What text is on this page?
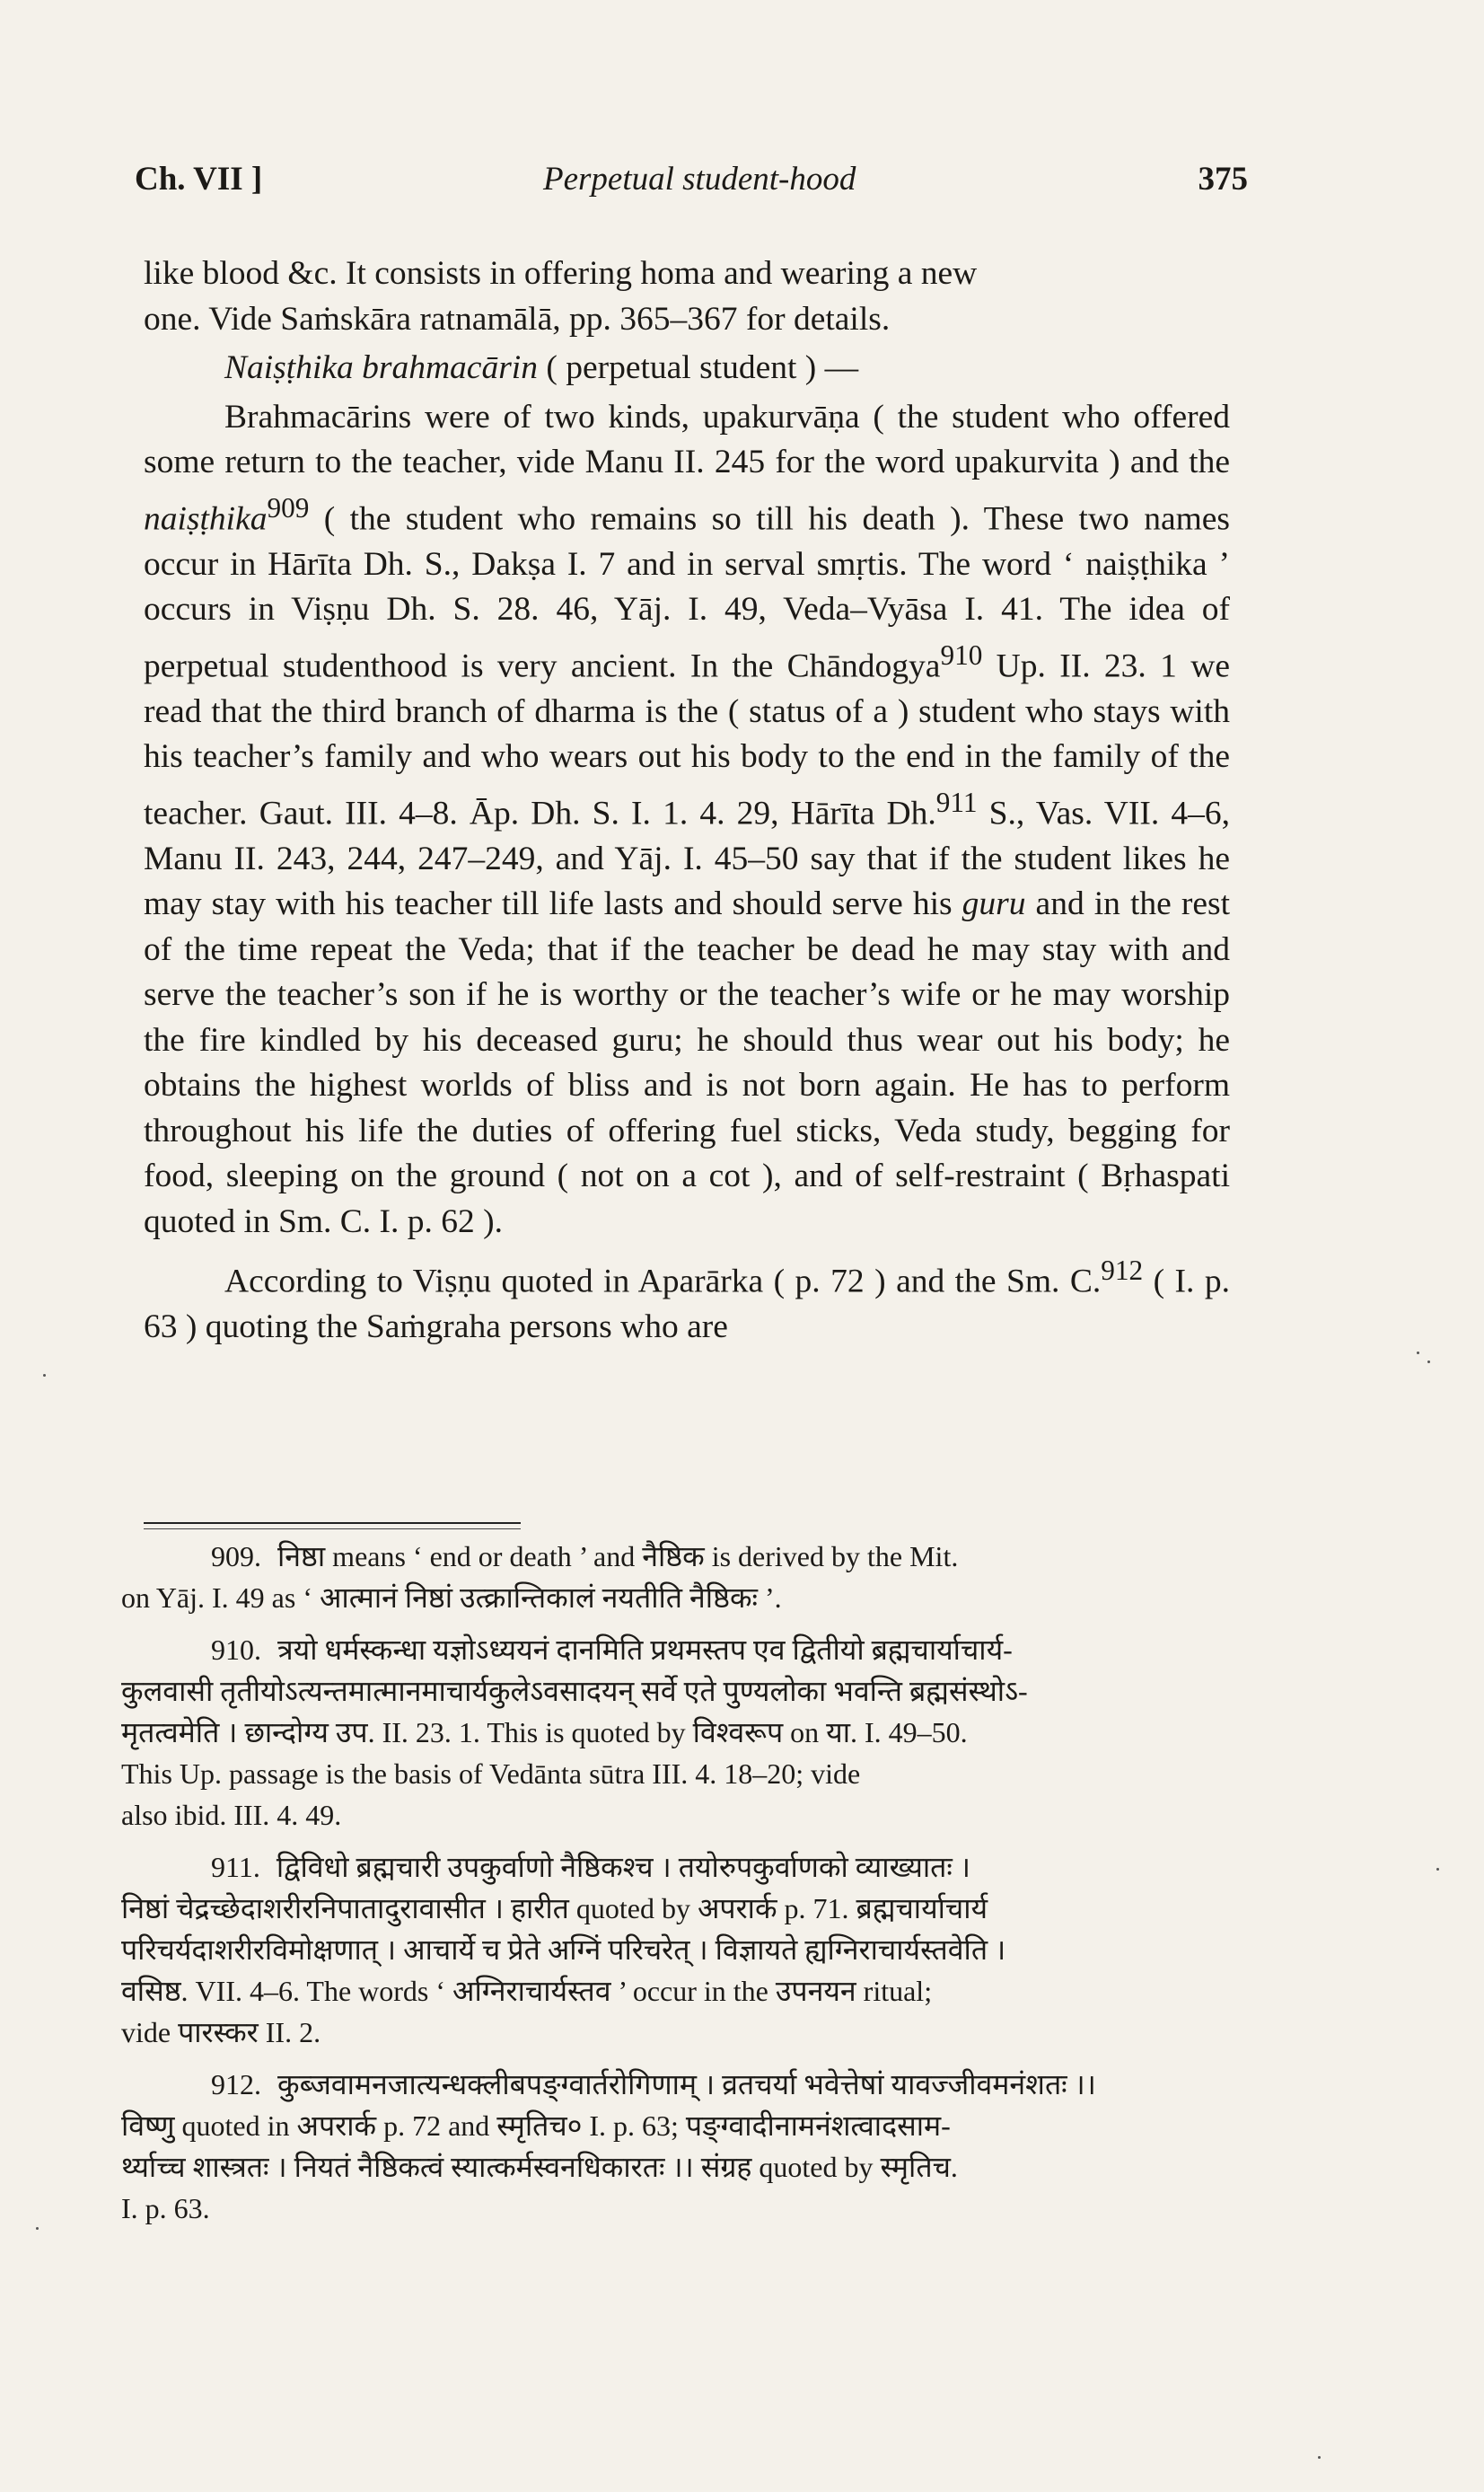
Ch. VII ]	Perpetual student-hood	375

like blood &c. It consists in offering homa and wearing a new
one. Vide Saṁskāra ratnamālā, pp. 365–367 for details.

Naiṣṭhika brahmacārin ( perpetual student ) —

Brahmacārins were of two kinds, upakurvāṇa ( the student who offered some return to the teacher, vide Manu II. 245 for the word upakurvita ) and the naiṣṭhika$^{909}$ ( the student who remains so till his death ). These two names occur in Hārīta Dh. S., Dakṣa I. 7 and in serval smṛtis. The word ‘ naiṣṭhika ’ occurs in Viṣṇu Dh. S. 28. 46, Yāj. I. 49, Veda–Vyāsa I. 41. The idea of perpetual studenthood is very ancient. In the Chāndogya$^{910}$ Up. II. 23. 1 we read that the third branch of dharma is the ( status of a ) student who stays with his teacher’s family and who wears out his body to the end in the family of the teacher. Gaut. III. 4–8. Āp. Dh. S. I. 1. 4. 29, Hārīta Dh.$^{911}$ S., Vas. VII. 4–6, Manu II. 243, 244, 247–249, and Yāj. I. 45–50 say that if the student likes he may stay with his teacher till life lasts and should serve his guru and in the rest of the time repeat the Veda; that if the teacher be dead he may stay with and serve the teacher’s son if he is worthy or the teacher’s wife or he may worship the fire kindled by his deceased guru; he should thus wear out his body; he obtains the highest worlds of bliss and is not born again. He has to perform throughout his life the duties of offering fuel sticks, Veda study, begging for food, sleeping on the ground ( not on a cot ), and of self-restraint ( Bṛhaspati quoted in Sm. C. I. p. 62 ).

According to Viṣṇu quoted in Aparārka ( p. 72 ) and the Sm. C.$^{912}$ ( I. p. 63 ) quoting the Saṁgraha persons who are

909. निष्ठा means ‘ end or death ’ and नैष्ठिक is derived by the Mit.
on Yāj. I. 49 as ‘ आत्मानं निष्ठां उत्क्रान्तिकालं नयतीति नैष्ठिकः ’.
910. त्रयो धर्मस्कन्धा यज्ञोऽध्ययनं दानमिति प्रथमस्तप एव द्वितीयो ब्रह्मचार्याचार्य-
कुलवासी तृतीयोऽत्यन्तमात्मानमाचार्यकुलेऽवसादयन् सर्वे एते पुण्यलोका भवन्ति ब्रह्मसंस्थोऽ-
मृतत्वमेति । छान्दोग्य उप. II. 23. 1. This is quoted by विश्वरूप on या. I. 49–50.
This Up. passage is the basis of Vedānta sūtra III. 4. 18–20; vide
also ibid. III. 4. 49.
911. द्विविधो ब्रह्मचारी उपकुर्वाणो नैष्ठिकश्च । तयोरुपकुर्वाणको व्याख्यातः ।
निष्ठां चेद्रच्छेदाशरीरनिपातादुरावासीत । हारीत quoted by अपरार्क p. 71. ब्रह्मचार्याचार्य
परिचर्यदाशरीरविमोक्षणात् । आचार्ये च प्रेते अग्निं परिचरेत् । विज्ञायते ह्यग्निराचार्यस्तवेति ।
वसिष्ठ. VII. 4–6. The words ‘ अग्निराचार्यस्तव ’ occur in the उपनयन ritual;
vide पारस्कर II. 2.
912. कुब्जवामनजात्यन्धक्लीबपङ्ग्वार्तरोगिणाम् । व्रतचर्या भवेत्तेषां यावज्जीवमनंशतः ।।
विष्णु quoted in अपरार्क p. 72 and स्मृतिच० I. p. 63; पङ्ग्वादीनामनंशत्वादसाम-
र्थ्याच्च शास्त्रतः । नियतं नैष्ठिकत्वं स्यात्कर्मस्वनधिकारतः ।। संग्रह quoted by स्मृतिच.
I. p. 63.
